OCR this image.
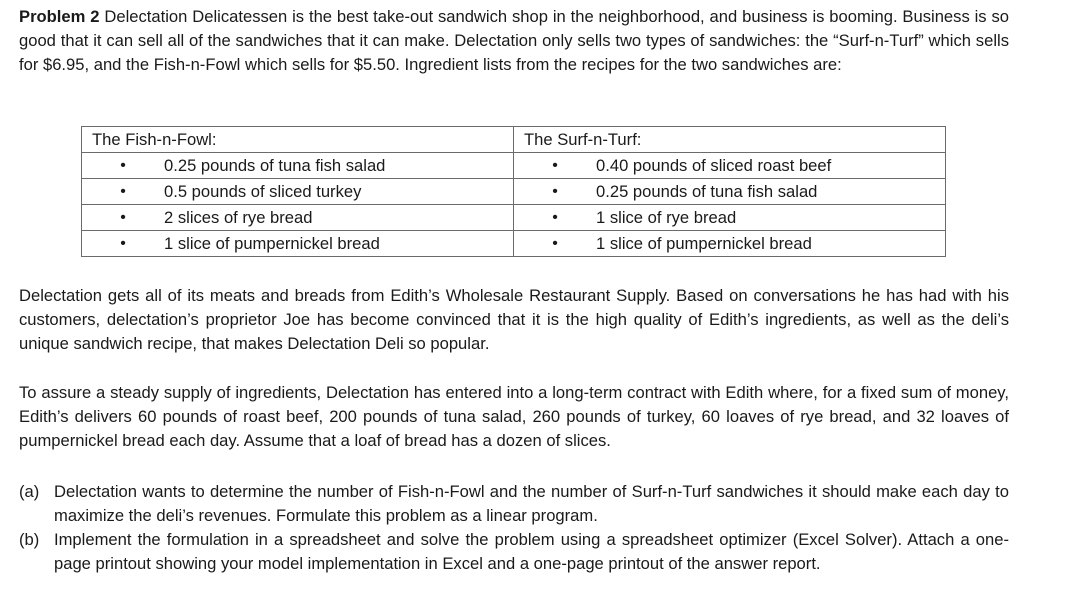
Problem 2 Delectation Delicatessen is the best take-out sandwich shop in the neighborhood, and business is booming. Business is so good that it can sell all of the sandwiches that it can make. Delectation only sells two types of sandwiches: the “Surf-n-Turf” which sells for $6.95, and the Fish-n-Fowl which sells for $5.50. Ingredient lists from the recipes for the two sandwiches are:

The Fish-n-Fowl:	The Surf-n-Turf:

• 0.25 pounds of tuna fish salad	• 0.40 pounds of sliced roast beef

• 0.5 pounds of sliced turkey	• 0.25 pounds of tuna fish salad

• 2 slices of rye bread	• 1 slice of rye bread

• 1 slice of pumpernickel bread	• 1 slice of pumpernickel bread

Delectation gets all of its meats and breads from Edith’s Wholesale Restaurant Supply. Based on conversations he has had with his customers, delectation’s proprietor Joe has become convinced that it is the high quality of Edith’s ingredients, as well as the deli’s unique sandwich recipe, that makes Delectation Deli so popular.

To assure a steady supply of ingredients, Delectation has entered into a long-term contract with Edith where, for a fixed sum of money, Edith’s delivers 60 pounds of roast beef, 200 pounds of tuna salad, 260 pounds of turkey, 60 loaves of rye bread, and 32 loaves of pumpernickel bread each day. Assume that a loaf of bread has a dozen of slices.

(a) Delectation wants to determine the number of Fish-n-Fowl and the number of Surf-n-Turf sandwiches it should make each day to maximize the deli’s revenues. Formulate this problem as a linear program.
(b) Implement the formulation in a spreadsheet and solve the problem using a spreadsheet optimizer (Excel Solver). Attach a one-page printout showing your model implementation in Excel and a one-page printout of the answer report.
